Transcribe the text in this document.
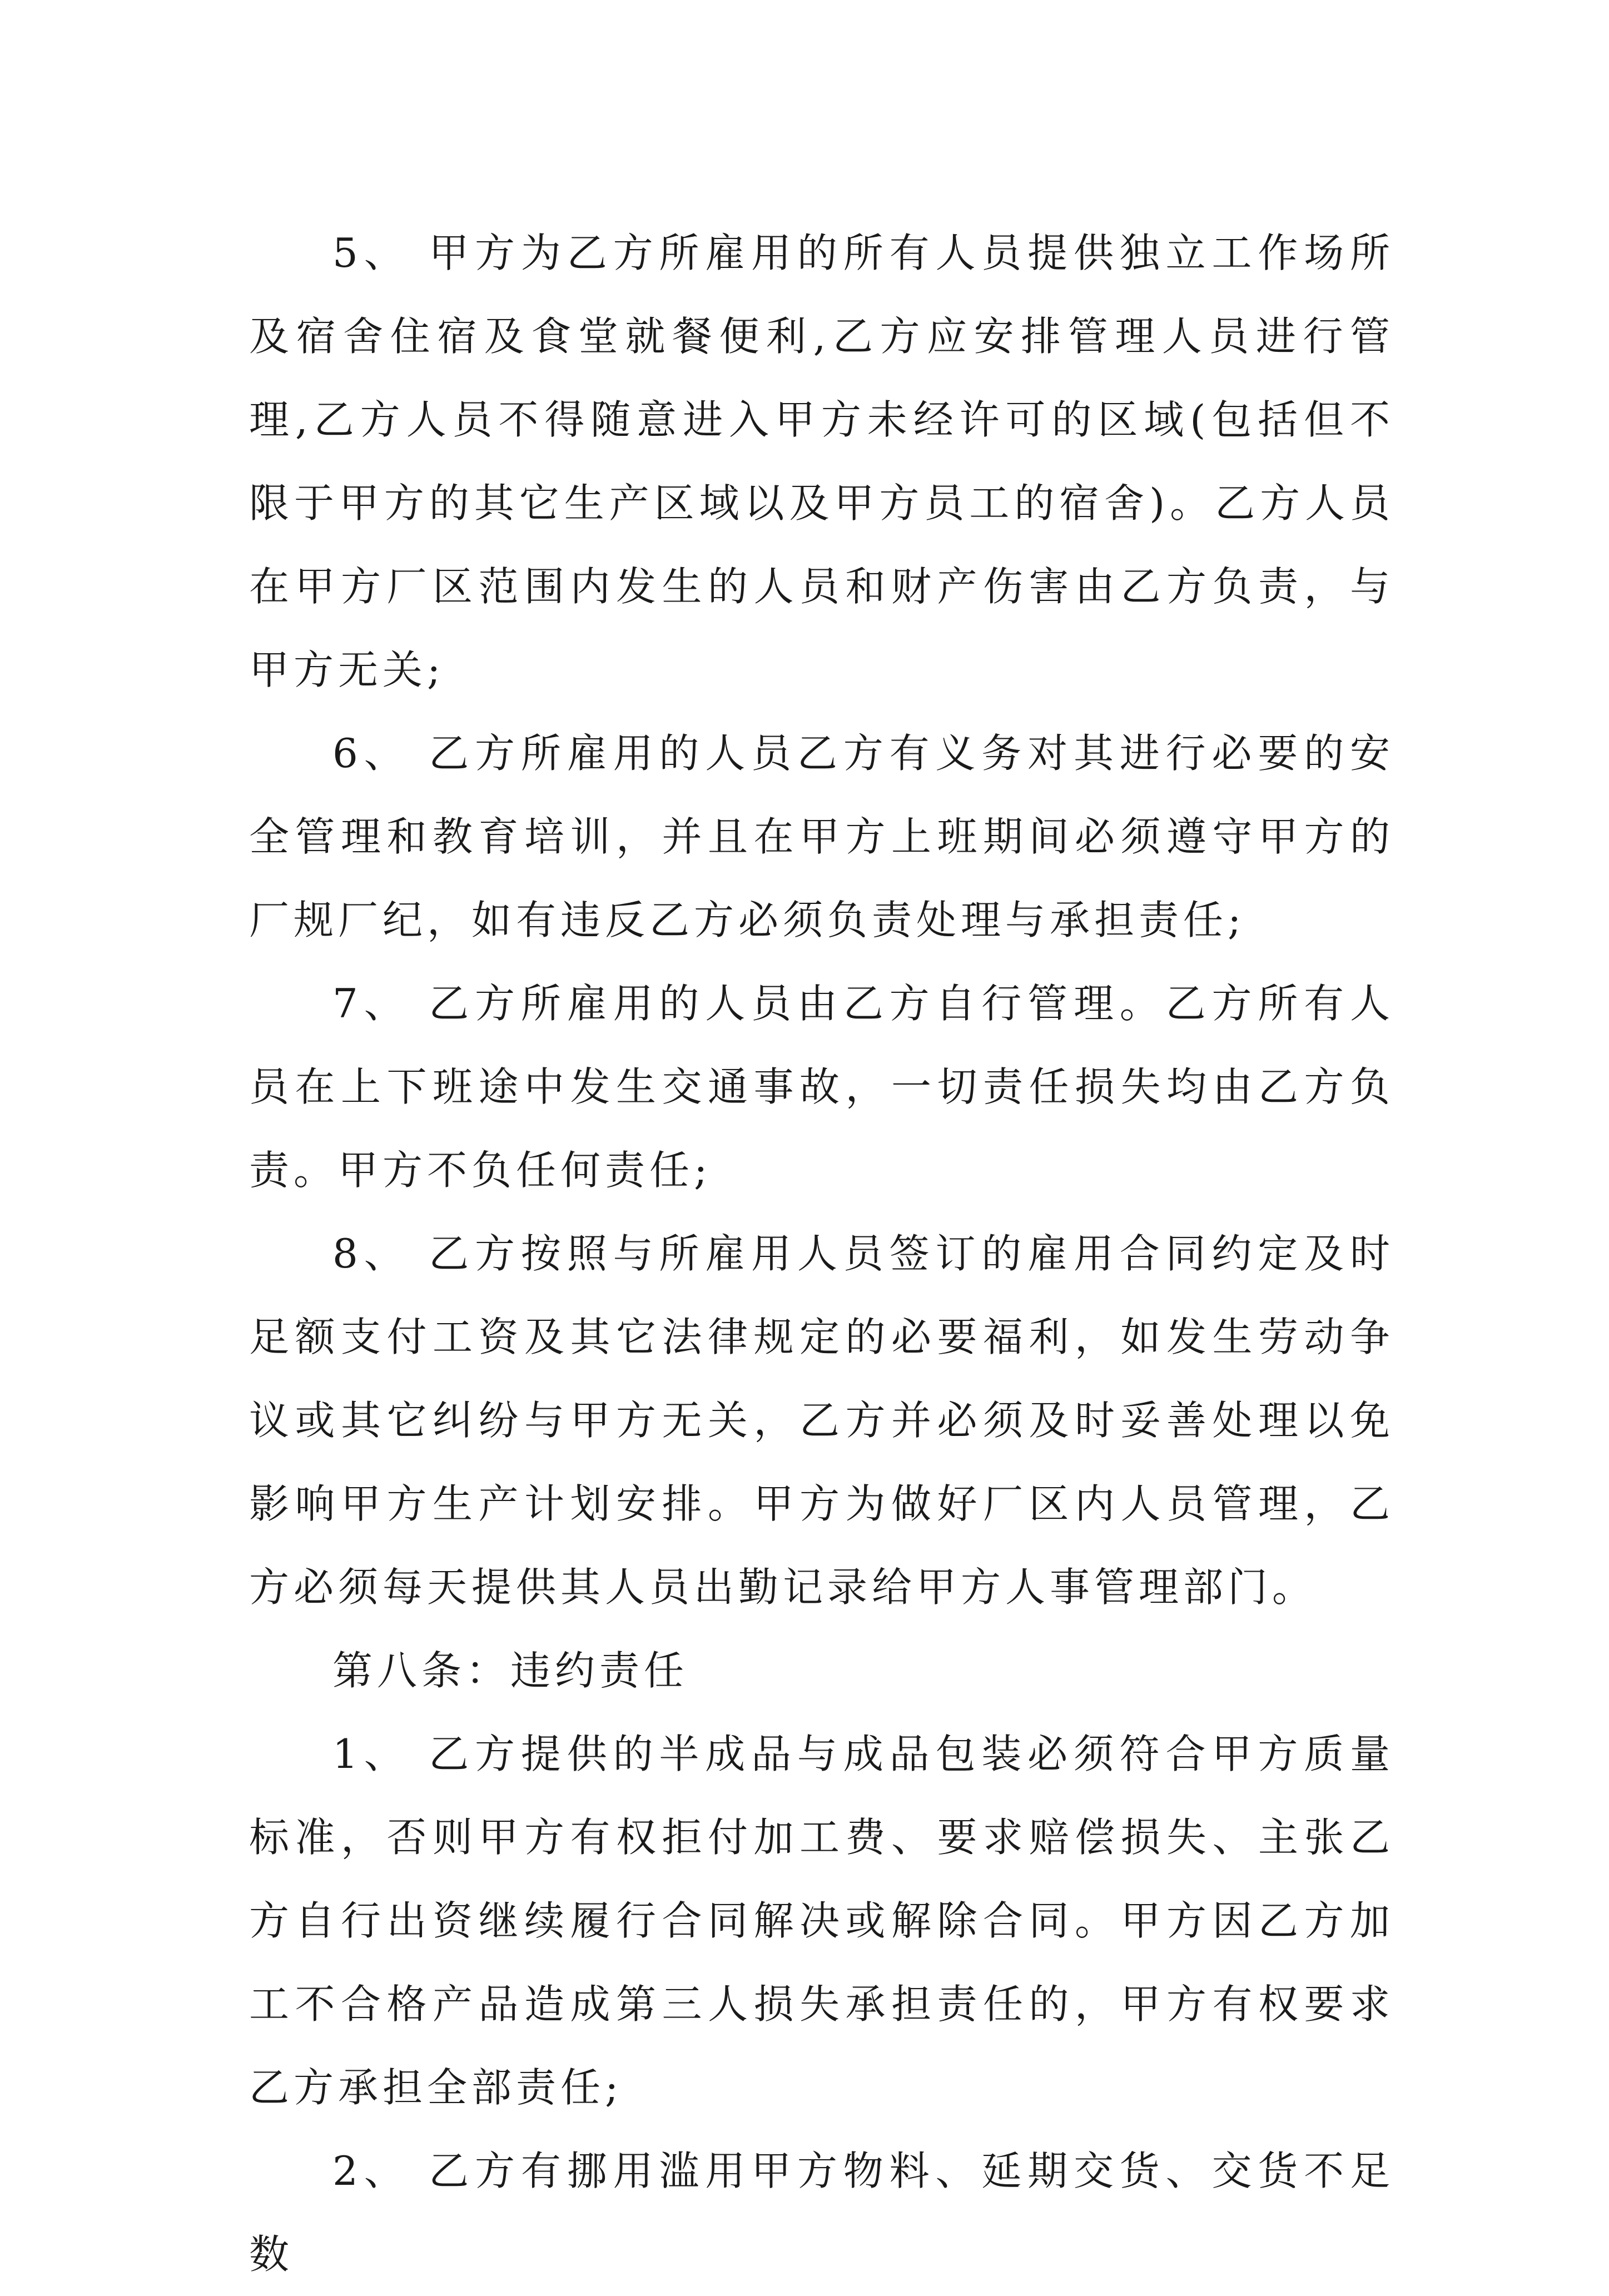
5、 甲方为乙方所雇用的所有人员提供独立工作场所及宿舍住宿及食堂就餐便利,乙方应安排管理人员进行管理,乙方人员不得随意进入甲方未经许可的区域(包括但不限于甲方的其它生产区域以及甲方员工的宿舍)。乙方人员在甲方厂区范围内发生的人员和财产伤害由乙方负责，与甲方无关;

6、 乙方所雇用的人员乙方有义务对其进行必要的安全管理和教育培训，并且在甲方上班期间必须遵守甲方的厂规厂纪，如有违反乙方必须负责处理与承担责任;

7、 乙方所雇用的人员由乙方自行管理。乙方所有人员在上下班途中发生交通事故，一切责任损失均由乙方负责。甲方不负任何责任;

8、 乙方按照与所雇用人员签订的雇用合同约定及时足额支付工资及其它法律规定的必要福利，如发生劳动争议或其它纠纷与甲方无关，乙方并必须及时妥善处理以免影响甲方生产计划安排。甲方为做好厂区内人员管理，乙方必须每天提供其人员出勤记录给甲方人事管理部门。

第八条：违约责任

1、 乙方提供的半成品与成品包装必须符合甲方质量标准，否则甲方有权拒付加工费、要求赔偿损失、主张乙方自行出资继续履行合同解决或解除合同。甲方因乙方加工不合格产品造成第三人损失承担责任的，甲方有权要求乙方承担全部责任;

2、 乙方有挪用滥用甲方物料、延期交货、交货不足数
